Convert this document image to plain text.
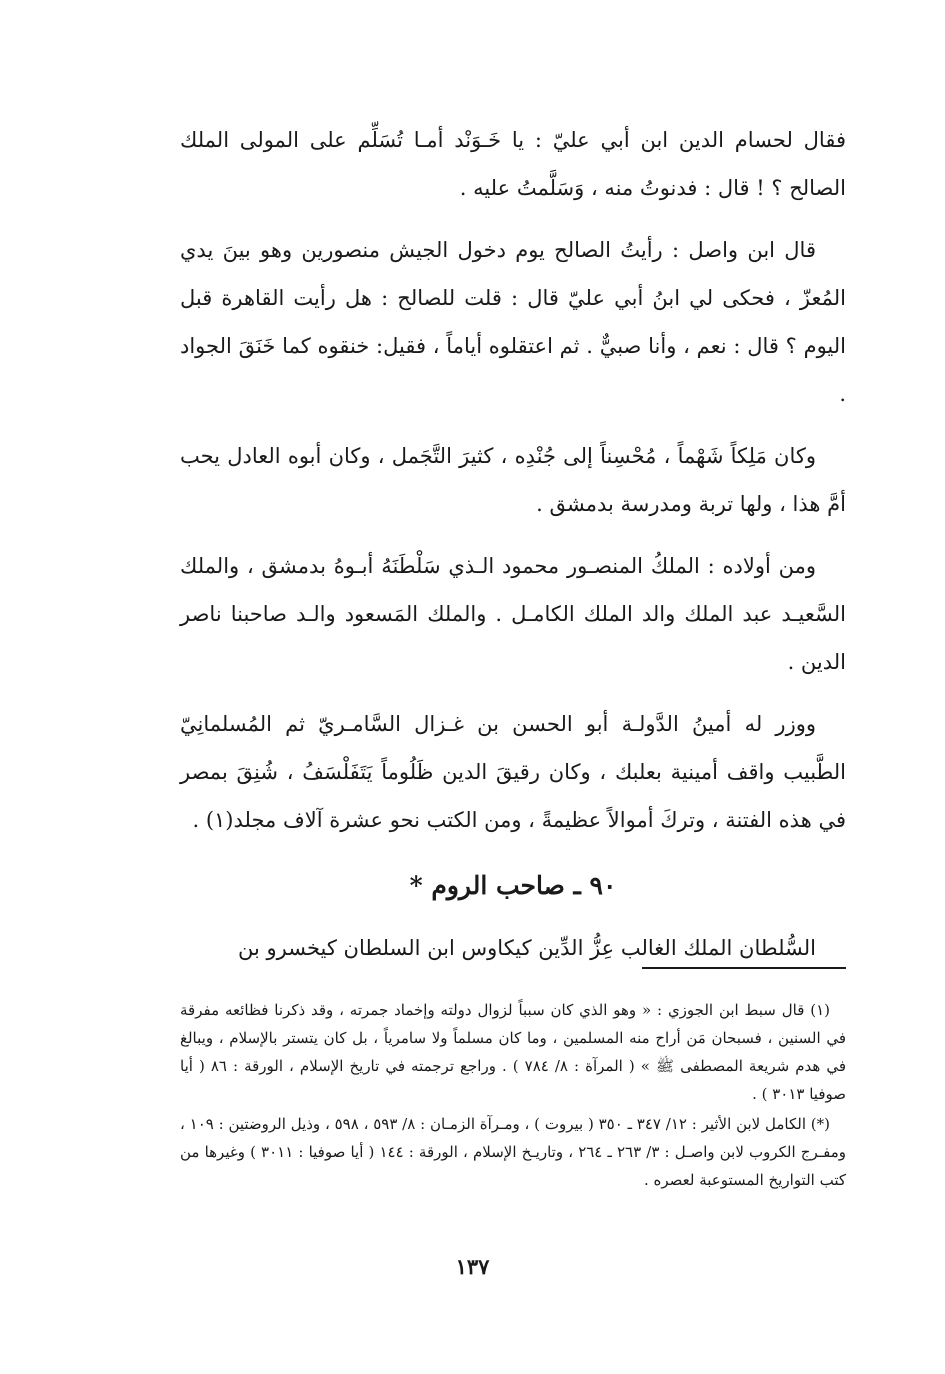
فقال لحسام الدين ابن أبي عليّ : يا خَـوَنْد أمـا تُسَلِّم على المولى الملك الصالح ؟ ! قال : فدنوتُ منه ، وَسَلَّمتُ عليه .

قال ابن واصل : رأيتُ الصالح يوم دخول الجيش منصورين وهو بينَ يدي المُعزّ ، فحكى لي ابنُ أبي عليّ قال : قلت للصالح : هل رأيت القاهرة قبل اليوم ؟ قال : نعم ، وأنا صبيٌّ . ثم اعتقلوه أياماً ، فقيل: خنقوه كما خَنَقَ الجواد .

وكان مَلِكاً شَهْماً ، مُحْسِناً إلى جُنْدِه ، كثيرَ التَّجَمل ، وكان أبوه العادل يحب أمَّ هذا ، ولها تربة ومدرسة بدمشق .

ومن أولاده : الملكُ المنصـور محمود الـذي سَلْطَنَهُ أبـوهُ بدمشق ، والملك السَّعيـد عبد الملك والد الملك الكامـل . والملك المَسعود والـد صاحبنا ناصر الدين .

ووزر له أمينُ الدَّولـة أبو الحسن بن غـزال السَّامـريّ ثم المُسلمانِيّ الطَّبيب واقف أمينية بعلبك ، وكان رقيقَ الدين ظَلُوماً يَتَفَلْسَفُ ، شُنِقَ بمصر في هذه الفتنة ، وتركَ أموالاً عظيمةً ، ومن الكتب نحو عشرة آلاف مجلد(١) .

٩٠ ـ صاحب الروم *

السُّلطان الملك الغالب عِزُّ الدِّين كيكاوس ابن السلطان كيخسرو بن

(١) قال سبط ابن الجوزي : « وهو الذي كان سبباً لزوال دولته وإخماد جمرته ، وقد ذكرنا فظائعه مفرقة في السنين ، فسبحان مَن أراح منه المسلمين ، وما كان مسلماً ولا سامرياً ، بل كان يتستر بالإسلام ، ويبالغ في هدم شريعة المصطفى ﷺ » ( المرآة : ٨/ ٧٨٤ ) . وراجع ترجمته في تاريخ الإسلام ، الورقة : ٨٦ ( أيا صوفيا ٣٠١٣ ) .

(*) الكامل لابن الأثير : ١٢/ ٣٤٧ ـ ٣٥٠ ( بيروت ) ، ومـرآة الزمـان : ٨/ ٥٩٣ ، ٥٩٨ ، وذيل الروضتين : ١٠٩ ، ومفـرج الكروب لابن واصـل : ٣/ ٢٦٣ ـ ٢٦٤ ، وتاريـخ الإسلام ، الورقة : ١٤٤ ( أيا صوفيا : ٣٠١١ ) وغيرها من كتب التواريخ المستوعبة لعصره .

١٣٧
